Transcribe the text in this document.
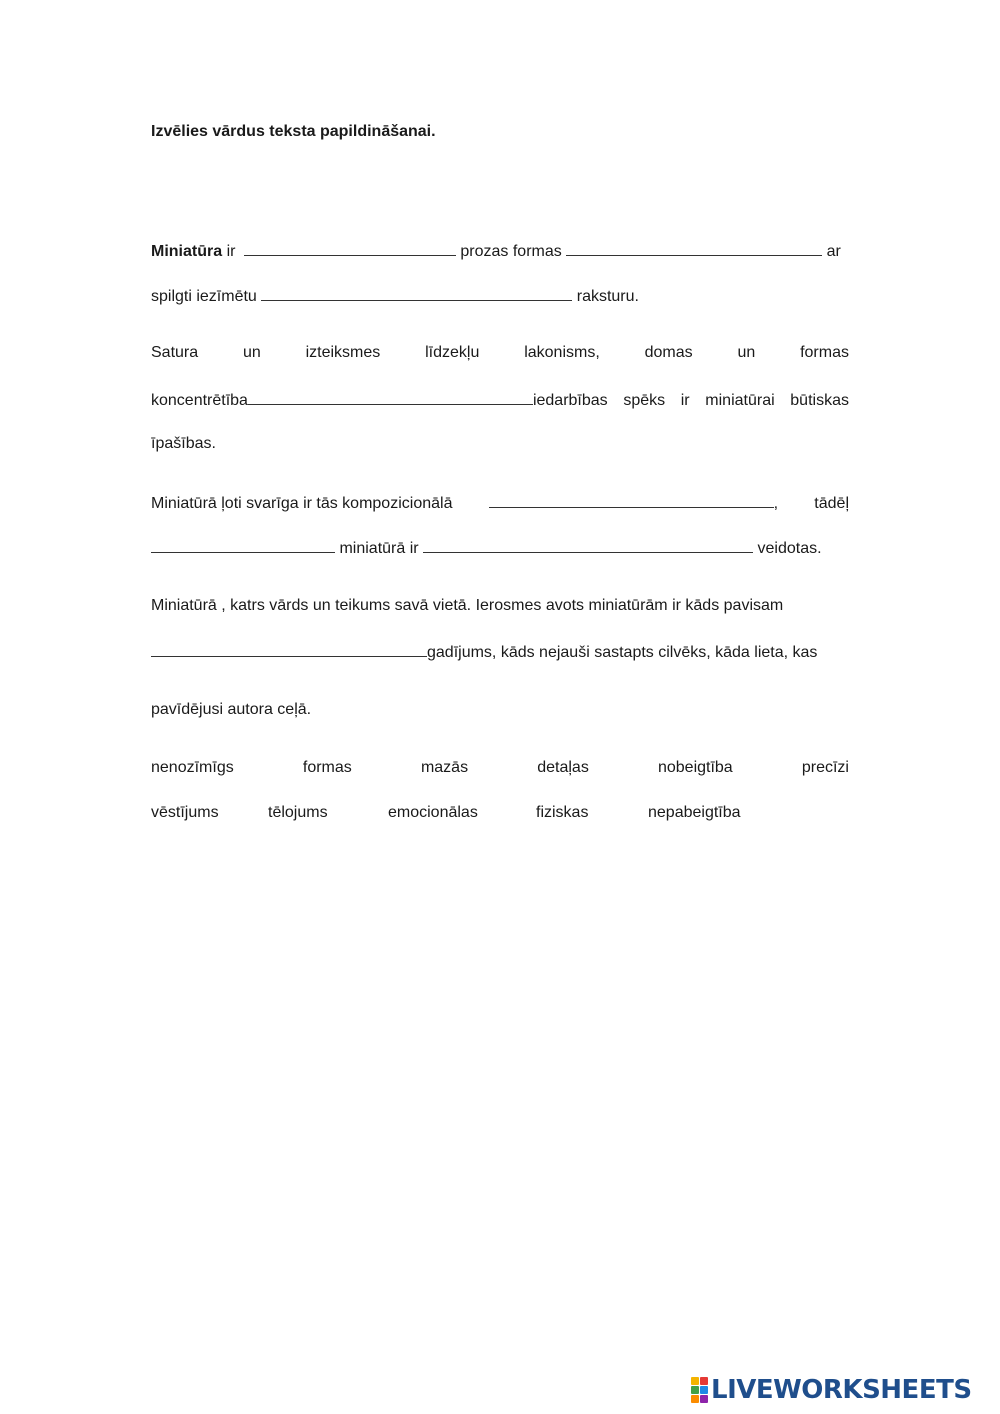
Izvēlies vārdus teksta papildināšanai.
Miniatūra ir	prozas formas	ar
spilgti iezīmētu	raksturu.
Satura	un	izteiksmes	līdzekļu	lakonisms,	domas	un	formas
koncentrētība	iedarbības spēks ir miniatūrai būtiskas
īpašības.
Miniatūrā ļoti svarīga ir tās kompozicionālā	, tādēļ
miniatūrā ir	veidotas.
Miniatūrā , katrs vārds un teikums savā vietā. Ierosmes avots miniatūrām ir kāds pavisam
gadījums, kāds nejauši sastapts cilvēks, kāda lieta, kas
pavīdējusi autora ceļā.
nenozīmīgs	formas	mazās	detaļas	nobeigtība	precīzi
vēstījums	tēlojums	emocionālas	fiziskas	nepabeigtība
LIVEWORKSHEETS
